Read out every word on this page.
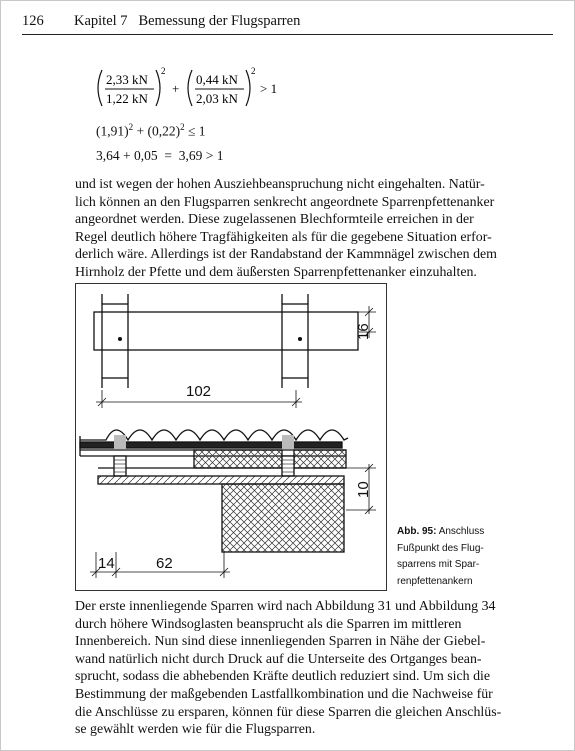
126 Kapitel 7 Bemessung der Flugsparren
2,33 kN
1,22 kN
2
+
0,44 kN
2,03 kN
2
> 1
$(1,91)^2 + (0,22)^2 \le 1$
3,64 + 0,05  =  3,69 > 1
und ist wegen der hohen Ausziehbeanspruchung nicht eingehalten. Natür-
lich können an den Flugsparren senkrecht angeordnete Sparrenpfettenanker
angeordnet werden. Diese zugelassenen Blechformteile erreichen in der
Regel deutlich höhere Tragfähigkeiten als für die gegebene Situation erfor-
derlich wäre. Allerdings ist der Randabstand der Kammnägel zwischen dem
Hirnholz der Pfette und dem äußersten Sparrenpfettenanker einzuhalten.
16
102
10
14	62
Abb. 95: Anschluss
Fußpunkt des Flug-
sparrens mit Spar-
renpfettenankern
Der erste innenliegende Sparren wird nach Abbildung 31 und Abbildung 34
durch höhere Windsoglasten beansprucht als die Sparren im mittleren
Innenbereich. Nun sind diese innenliegenden Sparren in Nähe der Giebel-
wand natürlich nicht durch Druck auf die Unterseite des Ortganges bean-
sprucht, sodass die abhebenden Kräfte deutlich reduziert sind. Um sich die
Bestimmung der maßgebenden Lastfallkombination und die Nachweise für
die Anschlüsse zu ersparen, können für diese Sparren die gleichen Anschlüs-
se gewählt werden wie für die Flugsparren.
